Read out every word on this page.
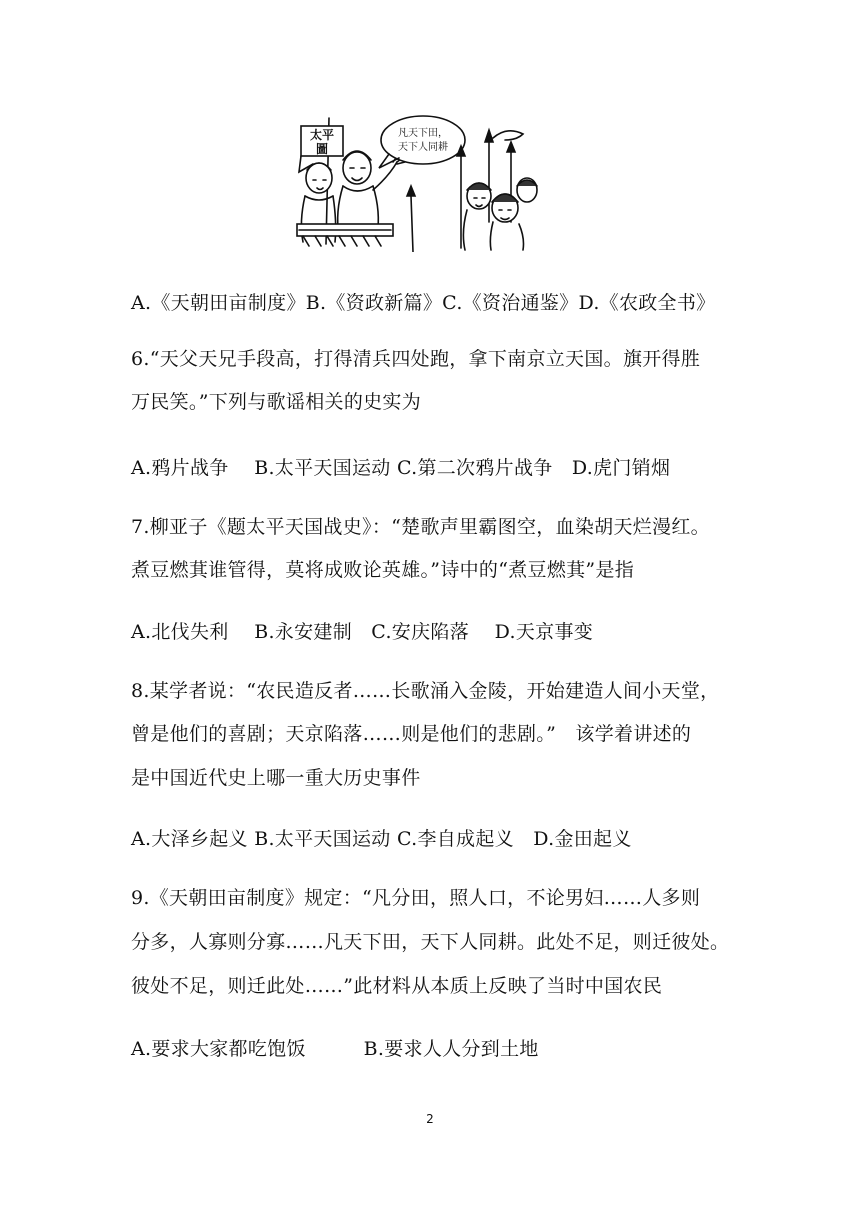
太平
圖
凡天下田，
天下人同耕
A.《天朝田亩制度》B.《资政新篇》C.《资治通鉴》D.《农政全书》
6.“天父天兄手段高，打得清兵四处跑，拿下南京立天国。旗开得胜
万民笑。”下列与歌谣相关的史实为
A.鸦片战争　 B.太平天国运动 C.第二次鸦片战争　D.虎门销烟
7.柳亚子《题太平天国战史》：“楚歌声里霸图空，血染胡天烂漫红。
煮豆燃萁谁管得，莫将成败论英雄。”诗中的“煮豆燃萁”是指
A.北伐失利　 B.永安建制　C.安庆陷落　 D.天京事变
8.某学者说：“农民造反者……长歌涌入金陵，开始建造人间小天堂，
曾是他们的喜剧；天京陷落……则是他们的悲剧。”　该学着讲述的
是中国近代史上哪一重大历史事件
A.大泽乡起义 B.太平天国运动 C.李自成起义　D.金田起义
9.《天朝田亩制度》规定：“凡分田，照人口，不论男妇……人多则
分多，人寡则分寡……凡天下田，天下人同耕。此处不足，则迁彼处。
彼处不足，则迁此处……”此材料从本质上反映了当时中国农民
A.要求大家都吃饱饭　　　B.要求人人分到土地
2
